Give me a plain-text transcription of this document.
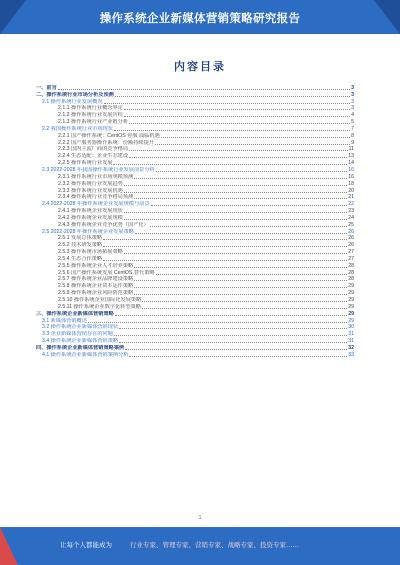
操作系统企业新媒体营销策略研究报告
内容目录
一、前言	3
二、操作系统行业市场分析及预测	3
2.1 操作系统行业发展概况	3
2.1.1 操作系统行业概念界定	3
2.1.2 操作系统行业发展历程	4
2.1.3 操作系统行业产业链分析	5
2.2 我国操作系统行业市场现状	7
2.2.1 国产操作系统：CentOS 停服 面临机遇	8
2.2.2 国产服务器操作系统：份额持续提升	9
2.2.3 国内主流厂商的竞争格局	11
2.2.4 生态适配：企业生态建设	13
2.2.5 操作系统行业发展	14
2.3 2022-2028 年我国操作系统行业发展前景分析	16
2.3.1 操作系统行业市场规模预测	16
2.3.2 操作系统行业发展趋势	18
2.3.3 操作系统行业发展机遇	20
2.3.4 操作系统行业竞争格局预测	21
2.4 2022-2028 年操作系统企业发展规模与前景	22
2.4.1 操作系统企业发展现状	23
2.4.2 操作系统企业发展规模	24
2.4.3 操作系统企业竞争优势（国产化）	25
2.5 2022-2028 年操作系统企业发展策略	26
2.5.1 发展总体策略	26
2.5.2 技术研发策略	26
2.5.3 操作系统市场拓展策略	27
2.5.4 生态合作策略	27
2.5.5 操作系统企业人才培养策略	28
2.5.6 国产操作系统发展 CentOS 替代策略	28
2.5.7 操作系统企业品牌建设策略	28
2.5.8 操作系统企业资本运作策略	29
2.5.9 操作系统企业风险防范策略	29
2.5.10 操作系统企业国际化发展策略	29
2.5.11 操作系统企业数字化转型策略	29
三、操作系统企业新媒体营销策略	29
3.1 新媒体营销概述	29
3.2 操作系统企业新媒体营销现状	30
3.3 企业新媒体营销存在的问题	31
3.4 操作系统企业新媒体营销策略	31
四、操作系统企业新媒体营销策略案例	32
4.1 操作系统企业新媒体营销案例分析	33
1
让每个人都能成为	行业专家、管理专家、营销专家、战略专家、投资专家……
